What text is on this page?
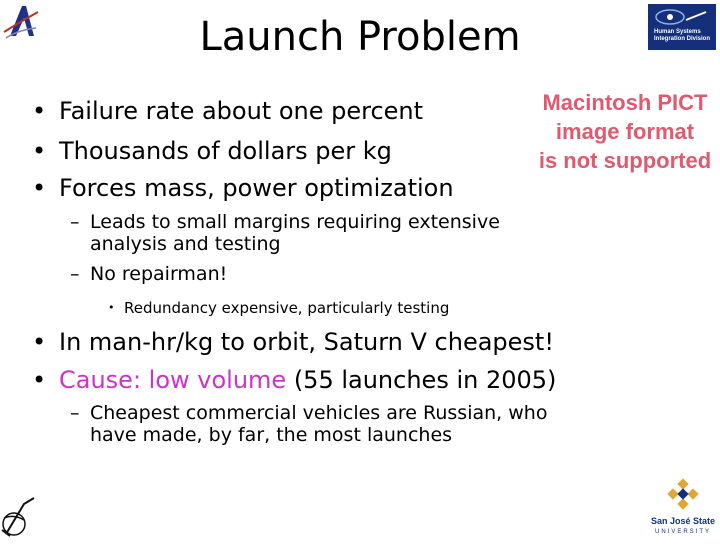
Launch Problem	Human Systems Integration Division
Macintosh PICT
image format
is not supported
• Failure rate about one percent
• Thousands of dollars per kg
• Forces mass, power optimization
– Leads to small margins requiring extensive
analysis and testing
– No repairman!
• Redundancy expensive, particularly testing
• In man-hr/kg to orbit, Saturn V cheapest!
• Cause: low volume (55 launches in 2005)
– Cheapest commercial vehicles are Russian, who
have made, by far, the most launches
San José State
UNIVERSITY
